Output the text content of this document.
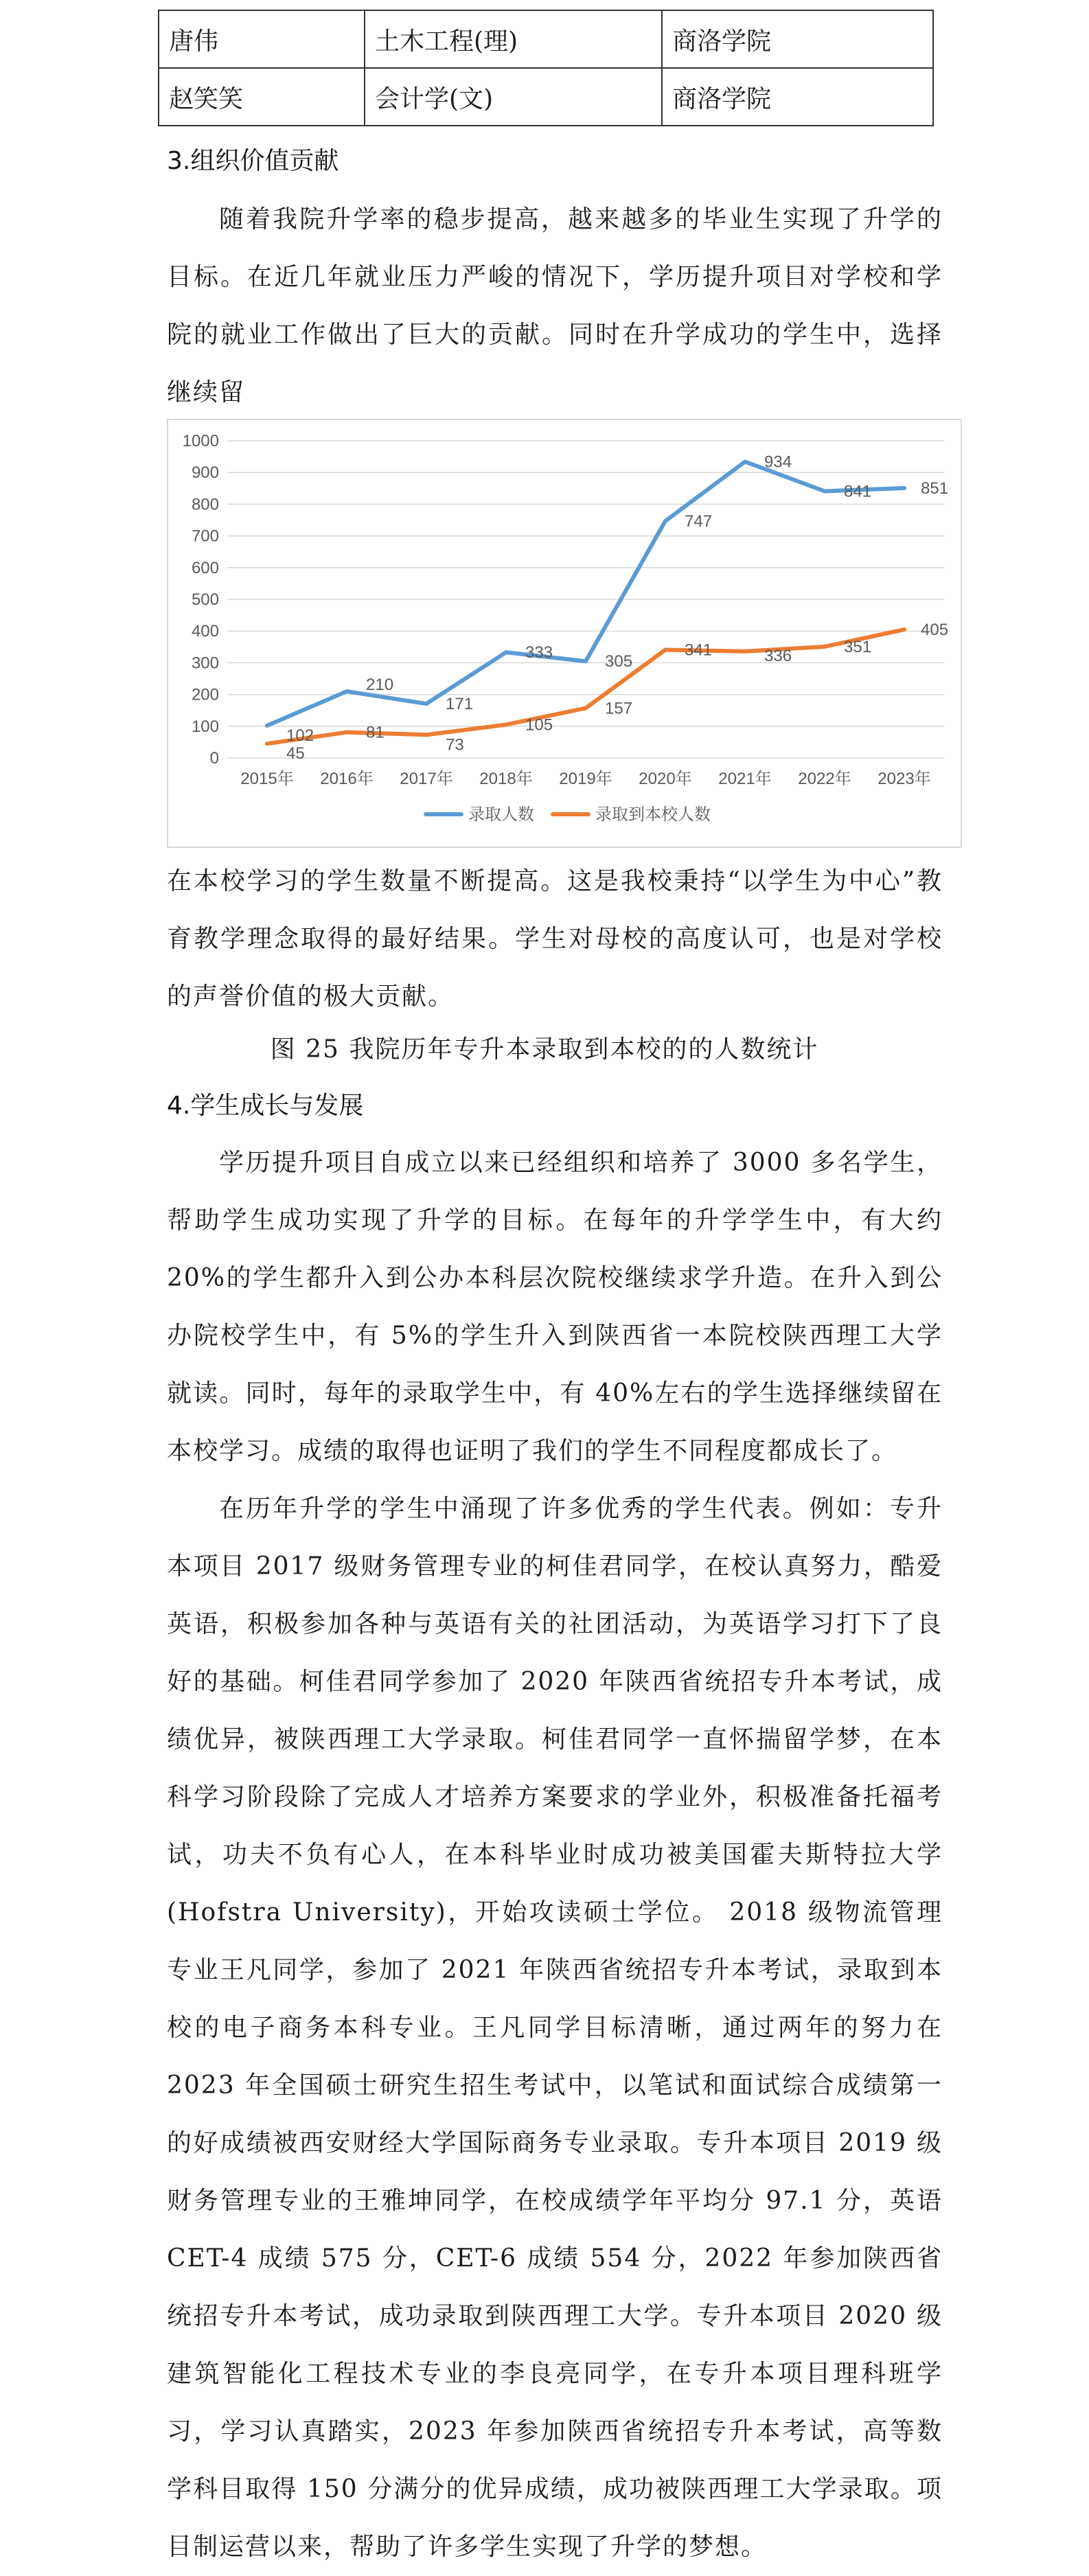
唐伟	土木工程(理)	商洛学院
赵笑笑	会计学(文)	商洛学院
3.组织价值贡献

随着我院升学率的稳步提高，越来越多的毕业生实现了升学的目标。在近几年就业压力严峻的情况下，学历提升项目对学校和学院的就业工作做出了巨大的贡献。同时在升学成功的学生中，选择继续留

0
100
200
300
400
500
600
700
800
900
1000
2015年 2016年 2017年 2018年 2019年 2020年 2021年 2022年 2023年
102
210
171
333	305
747
934
841	851
45
81
73
105
157
341	336	351
405
录取人数	录取到本校人数

在本校学习的学生数量不断提高。这是我校秉持“以学生为中心”教育教学理念取得的最好结果。学生对母校的高度认可，也是对学校的声誉价值的极大贡献。

图 25 我院历年专升本录取到本校的的人数统计

4.学生成长与发展

学历提升项目自成立以来已经组织和培养了 3000 多名学生，帮助学生成功实现了升学的目标。在每年的升学学生中，有大约 20%的学生都升入到公办本科层次院校继续求学升造。在升入到公办院校学生中，有 5%的学生升入到陕西省一本院校陕西理工大学就读。同时，每年的录取学生中，有 40%左右的学生选择继续留在本校学习。成绩的取得也证明了我们的学生不同程度都成长了。

在历年升学的学生中涌现了许多优秀的学生代表。例如：专升本项目 2017 级财务管理专业的柯佳君同学，在校认真努力，酷爱英语，积极参加各种与英语有关的社团活动，为英语学习打下了良好的基础。柯佳君同学参加了 2020 年陕西省统招专升本考试，成绩优异，被陕西理工大学录取。柯佳君同学一直怀揣留学梦，在本科学习阶段除了完成人才培养方案要求的学业外，积极准备托福考试，功夫不负有心人，在本科毕业时成功被美国霍夫斯特拉大学(Hofstra University)，开始攻读硕士学位。 2018 级物流管理专业王凡同学，参加了 2021 年陕西省统招专升本考试，录取到本校的电子商务本科专业。王凡同学目标清晰，通过两年的努力在 2023 年全国硕士研究生招生考试中，以笔试和面试综合成绩第一的好成绩被西安财经大学国际商务专业录取。专升本项目 2019 级财务管理专业的王雅坤同学，在校成绩学年平均分 97.1 分，英语 CET-4 成绩 575 分，CET-6 成绩 554 分，2022 年参加陕西省统招专升本考试，成功录取到陕西理工大学。专升本项目 2020 级建筑智能化工程技术专业的李良亮同学，在专升本项目理科班学习，学习认真踏实，2023 年参加陕西省统招专升本考试，高等数学科目取得 150 分满分的优异成绩，成功被陕西理工大学录取。项目制运营以来，帮助了许多学生实现了升学的梦想。
